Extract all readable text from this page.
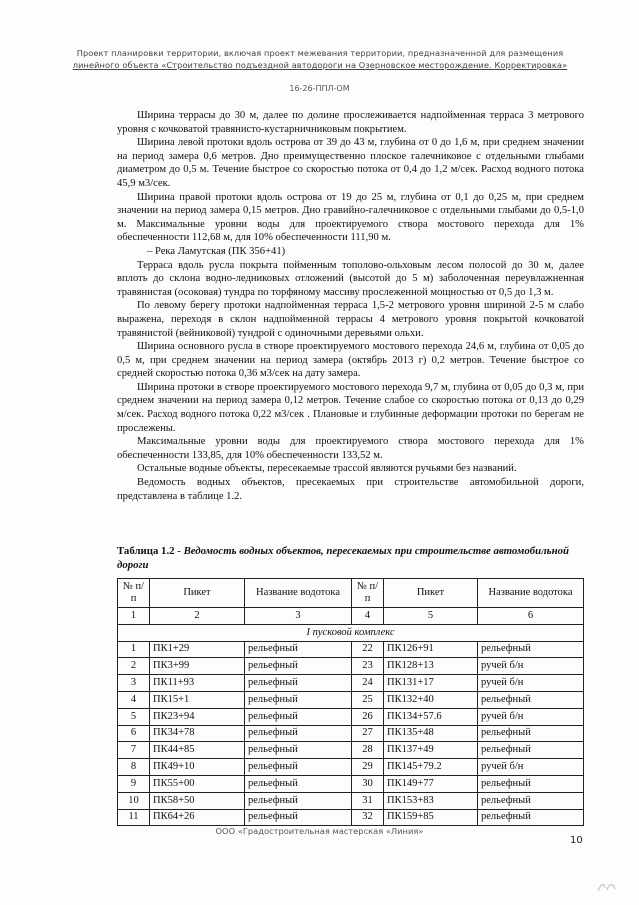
Проект планировки территории, включая проект межевания территории, предназначенной для размещения
линейного объекта «Строительство подъездной автодороги на Озерновское месторождение. Корректировка»
16-26-ППЛ-ОМ

Ширина террасы до 30 м, далее по долине прослеживается надпойменная терраса 3 метрового уровня с кочковатой травянисто-кустарничниковым покрытием.

Ширина левой протоки вдоль острова от 39 до 43 м, глубина от 0 до 1,6 м, при среднем значении на период замера 0,6 метров. Дно преимущественно плоское галечниковое с отдельными глыбами диаметром до 0,5 м. Течение быстрое со скоростью потока от 0,4 до 1,2 м/сек. Расход водного потока 45,9 м3/сек.

Ширина правой протоки вдоль острова от 19 до 25 м, глубина от 0,1 до 0,25 м, при среднем значении на период замера 0,15 метров. Дно гравийно-галечниковое с отдельными глыбами до 0,5-1,0 м. Максимальные уровни воды для проектируемого створа мостового перехода для 1% обеспеченности 112,68 м, для 10% обеспеченности 111,90 м.

‒ Река Ламутская (ПК 356+41)

Терраса вдоль русла покрыта пойменным тополово-ольховым лесом полосой до 30 м, далее вплоть до склона водно-ледниковых отложений (высотой до 5 м) заболоченная переувлажненная травянистая (осоковая) тундра по торфяному массиву прослеженной мощностью от 0,5 до 1,3 м.

По левому берегу протоки надпойменная терраса 1,5-2 метрового уровня шириной 2-5 м слабо выражена, переходя в склон надпойменной террасы 4 метрового уровня покрытой кочковатой травянистой (вейниковой) тундрой с одиночными деревьями ольхи.

Ширина основного русла в створе проектируемого мостового перехода 24,6 м, глубина от 0,05 до 0,5 м, при среднем значении на период замера (октябрь 2013 г) 0,2 метров. Течение быстрое со средней скоростью потока 0,36 м3/сек на дату замера.

Ширина протоки в створе проектируемого мостового перехода 9,7 м, глубина от 0,05 до 0,3 м, при среднем значении на период замера 0,12 метров. Течение слабое со скоростью потока от 0,13 до 0,29 м/сек. Расход водного потока 0,22 м3/сек . Плановые и глубинные деформации протоки по берегам не прослежены.

Максимальные уровни воды для проектируемого створа мостового перехода для 1% обеспеченности 133,85, для 10% обеспеченности 133,52 м.

Остальные водные объекты, пересекаемые трассой являются ручьями без названий.

Ведомость водных объектов, пресекаемых при строительстве автомобильной дороги, представлена в таблице 1.2.

Таблица 1.2 - Ведомость водных объектов, пересекаемых при строительстве автомобильной дороги
№ п/п	Пикет	Название водотока	№ п/п	Пикет	Название водотока
1	2	3	4	5	6
I пусковой комплекс					
1	ПК1+29	рельефный	22	ПК126+91	рельефный
2	ПК3+99	рельефный	23	ПК128+13	ручей б/н
3	ПК11+93	рельефный	24	ПК131+17	ручей б/н
4	ПК15+1	рельефный	25	ПК132+40	рельефный
5	ПК23+94	рельефный	26	ПК134+57.6	ручей б/н
6	ПК34+78	рельефный	27	ПК135+48	рельефный
7	ПК44+85	рельефный	28	ПК137+49	рельефный
8	ПК49+10	рельефный	29	ПК145+79.2	ручей б/н
9	ПК55+00	рельефный	30	ПК149+77	рельефный
10	ПК58+50	рельефный	31	ПК153+83	рельефный
11	ПК64+26	рельефный	32	ПК159+85	рельефный
ООО «Градостроительная мастерская «Линия»
10
